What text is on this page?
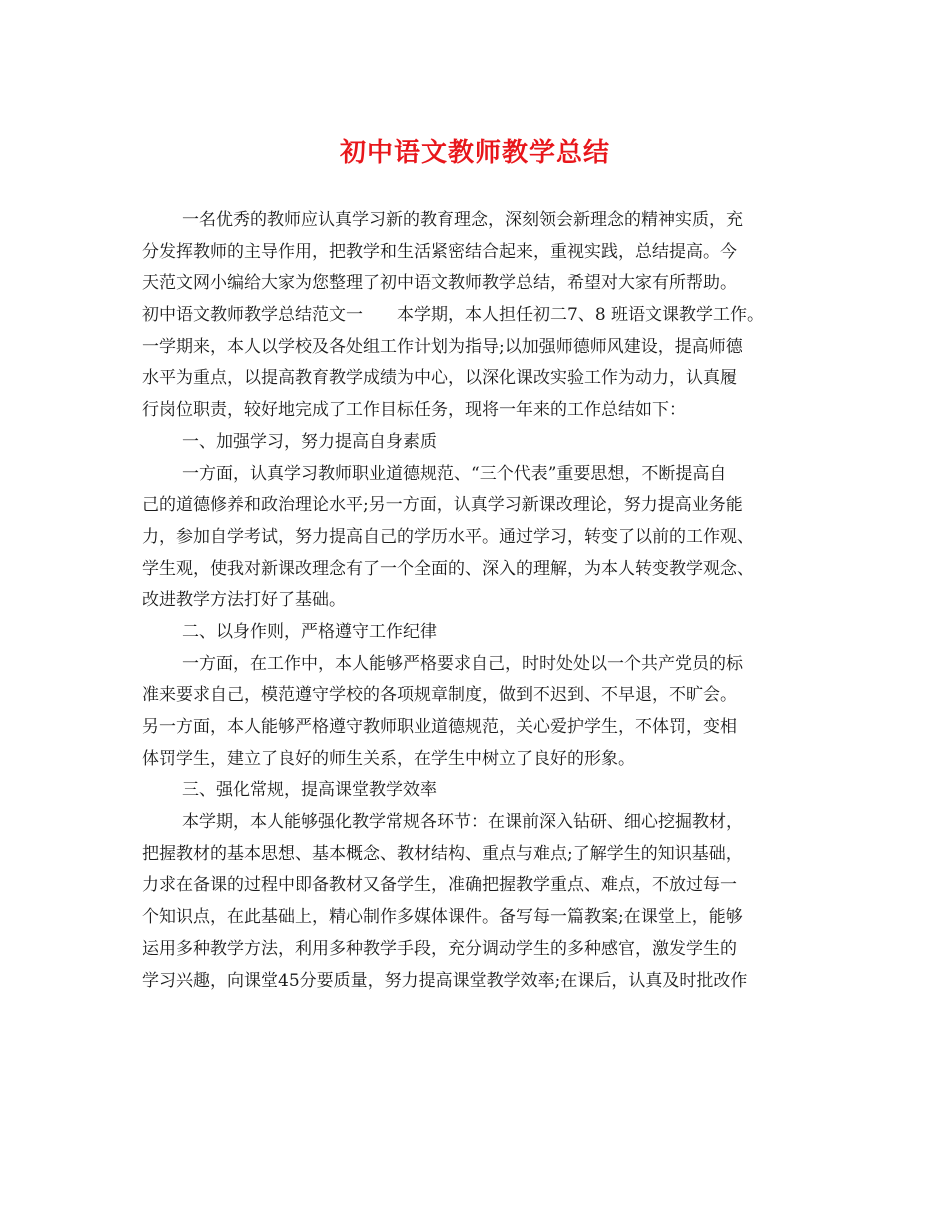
初中语文教师教学总结
一名优秀的教师应认真学习新的教育理念，深刻领会新理念的精神实质，充
分发挥教师的主导作用，把教学和生活紧密结合起来，重视实践，总结提高。今
天范文网小编给大家为您整理了初中语文教师教学总结，希望对大家有所帮助。
初中语文教师教学总结范文一　　本学期，本人担任初二7、8 班语文课教学工作。
一学期来，本人以学校及各处组工作计划为指导;以加强师德师风建设，提高师德
水平为重点，以提高教育教学成绩为中心，以深化课改实验工作为动力，认真履
行岗位职责，较好地完成了工作目标任务，现将一年来的工作总结如下：
一、加强学习，努力提高自身素质
一方面，认真学习教师职业道德规范、“三个代表”重要思想，不断提高自
己的道德修养和政治理论水平;另一方面，认真学习新课改理论，努力提高业务能
力，参加自学考试，努力提高自己的学历水平。通过学习，转变了以前的工作观、
学生观，使我对新课改理念有了一个全面的、深入的理解，为本人转变教学观念、
改进教学方法打好了基础。
二、以身作则，严格遵守工作纪律
一方面，在工作中，本人能够严格要求自己，时时处处以一个共产党员的标
准来要求自己，模范遵守学校的各项规章制度，做到不迟到、不早退，不旷会。
另一方面，本人能够严格遵守教师职业道德规范，关心爱护学生，不体罚，变相
体罚学生，建立了良好的师生关系，在学生中树立了良好的形象。
三、强化常规，提高课堂教学效率
本学期，本人能够强化教学常规各环节：在课前深入钻研、细心挖掘教材，
把握教材的基本思想、基本概念、教材结构、重点与难点;了解学生的知识基础，
力求在备课的过程中即备教材又备学生，准确把握教学重点、难点，不放过每一
个知识点，在此基础上，精心制作多媒体课件。备写每一篇教案;在课堂上，能够
运用多种教学方法，利用多种教学手段，充分调动学生的多种感官，激发学生的
学习兴趣，向课堂45分要质量，努力提高课堂教学效率;在课后，认真及时批改作
